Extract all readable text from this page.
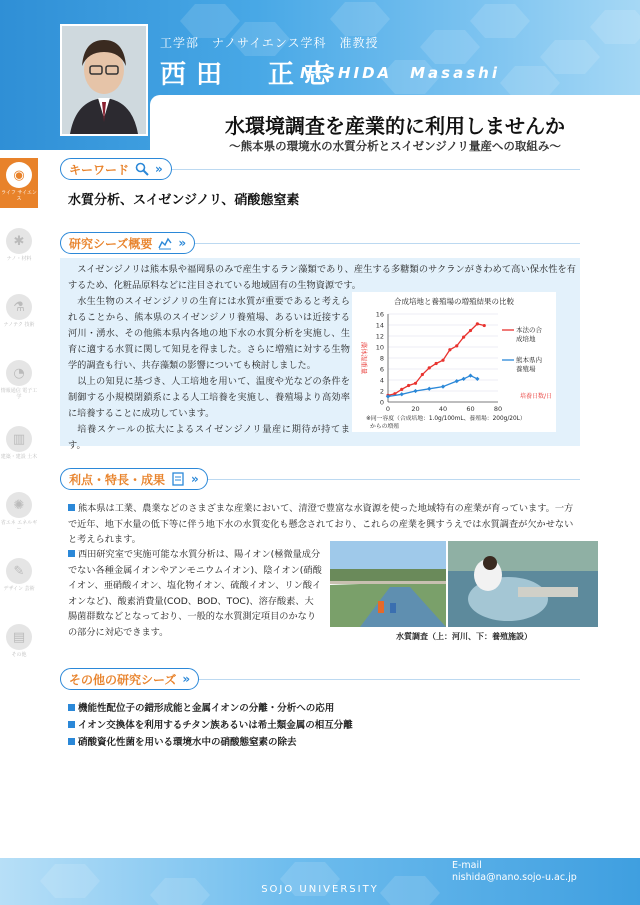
工学部　ナノサイエンス学科　准教授
西田　正志
NISHIDA　Masashi
水環境調査を産業的に利用しませんか
～熊本県の環境水の水質分析とスイゼンジノリ量産への取組み～
◉
ライフ サイエンス
✱
ナノ・材料
⚗
ナノテク 技術
◔
情報通信 電子工学
▥
建築・建設 土木
✺
省エネ エネルギー
✎
デザイン 芸術
▤
その他
キーワード »
水質分析、スイゼンジノリ、硝酸態窒素
研究シーズ概要 »

スイゼンジノリは熊本県や福岡県のみで産生するラン藻類であり、産生する多糖類のサクランがきわめて高い保水性を有するため、化粧品原料などに注目されている地域固有の生物資源です。

水生生物のスイゼンジノリの生育には水質が重要であると考えられることから、熊本県のスイゼンジノリ養殖場、あるいは近接する河川・湧水、その他熊本県内各地の地下水の水質分析を実施し、生育に適する水質に関して知見を得ました。さらに増殖に対する生物学的調査も行い、共存藻類の影響についても検討しました。

以上の知見に基づき、人工培地を用いて、温度や光などの条件を制御する小規模閉鎖系による人工培養を実施し、養殖場より高効率に培養することに成功しています。

培養スケールの拡大によるスイゼンジノリ量産に期待が持てます。

合成培地と養殖場の増殖結果の比較
0
2
4
6
8
10
12
14
16
0	20	40	60	80
藻体湿重量
培養日数/日
本法の合
成培地
熊本県内
養殖場
※同一容度（合成培地：1.0g/100mL、養殖場：200g/20L）
からの増殖
利点・特長・成果 »
熊本県は工業、農業などのさまざまな産業において、清澄で豊富な水資源を使った地域特有の産業が育っています。一方で近年、地下水量の低下等に伴う地下水の水質変化も懸念されており、これらの産業を興すうえでは水質調査が欠かせないと考えられます。
西田研究室で実施可能な水質分析は、陽イオン(極微量成分でない各種金属イオンやアンモニウムイオン)、陰イオン(硝酸イオン、亜硝酸イオン、塩化物イオン、硫酸イオン、リン酸イオンなど)、酸素消費量(COD、BOD、TOC)、溶存酸素、大腸菌群数などとなっており、一般的な水質測定項目のかなりの部分に対応できます。	水質調査（上：河川、下：養殖施設）
その他の研究シーズ »
機能性配位子の錯形成能と金属イオンの分離・分析への応用
イオン交換体を利用するチタン族あるいは希土類金属の相互分離
硝酸資化性菌を用いる環境水中の硝酸態窒素の除去
E-mail
nishida@nano.sojo-u.ac.jp
SOJO UNIVERSITY
